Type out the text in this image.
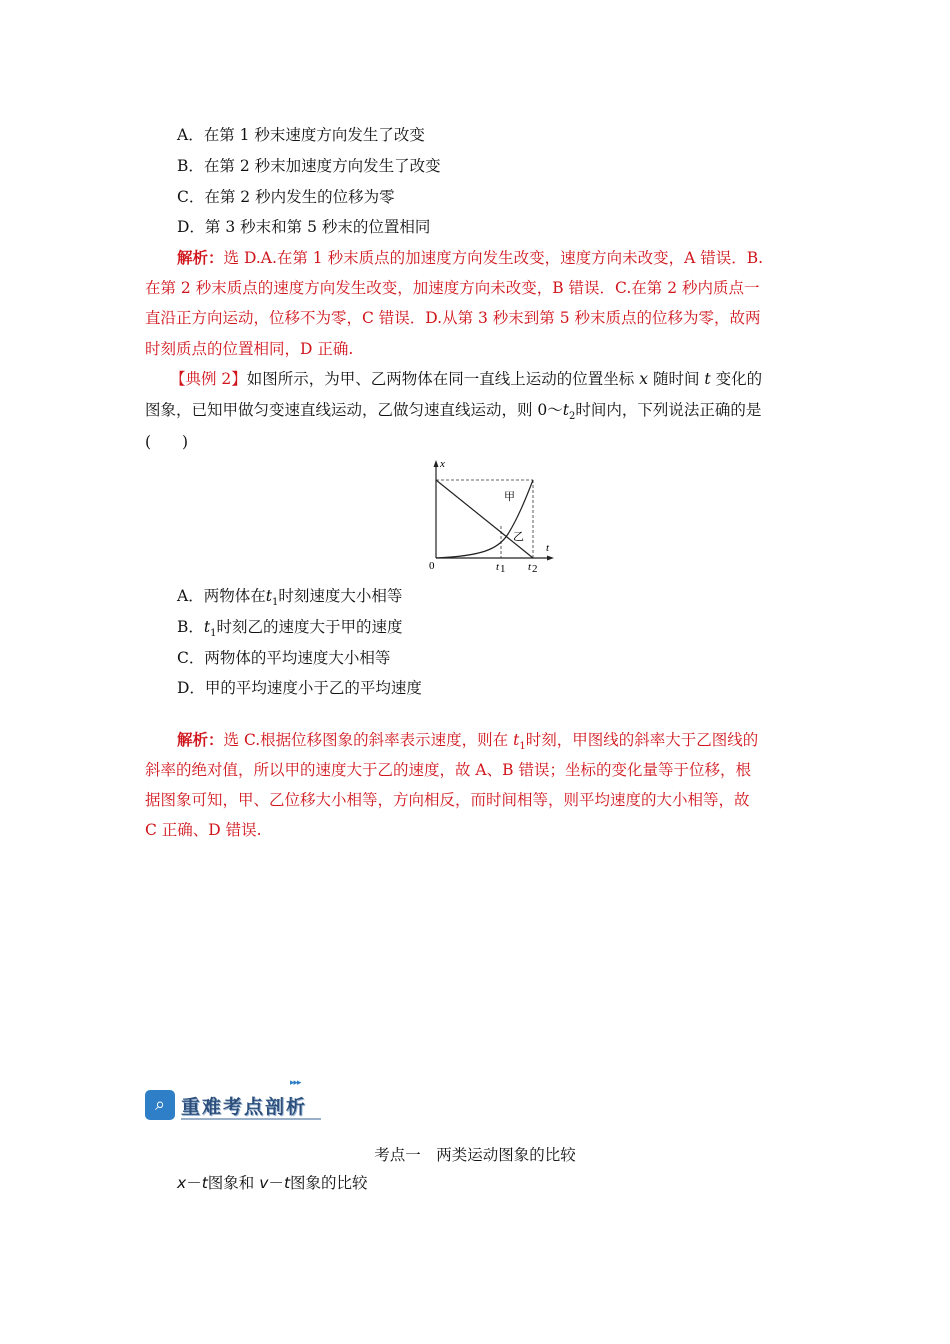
A．在第 1 秒末速度方向发生了改变
B．在第 2 秒末加速度方向发生了改变
C．在第 2 秒内发生的位移为零
D．第 3 秒末和第 5 秒末的位置相同
解析：选 D.A.在第 1 秒末质点的加速度方向发生改变，速度方向未改变，A 错误．B.
在第 2 秒末质点的速度方向发生改变，加速度方向未改变，B 错误．C.在第 2 秒内质点一
直沿正方向运动，位移不为零，C 错误．D.从第 3 秒末到第 5 秒末质点的位移为零，故两
时刻质点的位置相同，D 正确.
【典例 2】如图所示，为甲、乙两物体在同一直线上运动的位置坐标 x 随时间 t 变化的
图象，已知甲做匀变速直线运动，乙做匀速直线运动，则 $0\sim t_2$时间内，下列说法正确的是
(　　)
x
t
0
甲
乙
t 1 t 2
A．两物体在$t_1$时刻速度大小相等
B．$t_1$时刻乙的速度大于甲的速度
C．两物体的平均速度大小相等
D．甲的平均速度小于乙的平均速度
解析：选 C.根据位移图象的斜率表示速度，则在 $t_1$时刻，甲图线的斜率大于乙图线的
斜率的绝对值，所以甲的速度大于乙的速度，故 A、B 错误；坐标的变化量等于位移，根
据图象可知，甲、乙位移大小相等，方向相反，而时间相等，则平均速度的大小相等，故
C 正确、D 错误.
▸▸▸
⌕ 重难考点剖析
考点一　两类运动图象的比较
x－t图象和 v－t图象的比较
